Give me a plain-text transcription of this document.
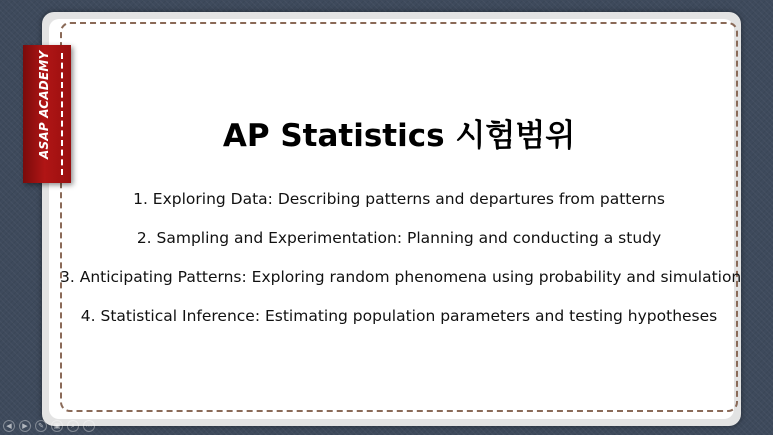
ASAP ACADEMY	AP Statistics 시험범위
1. Exploring Data: Describing patterns and departures from patterns
2. Sampling and Experimentation: Planning and conducting a study
3. Anticipating Patterns: Exploring random phenomena using probability and simulation
4. Statistical Inference: Estimating population parameters and testing hypotheses
◀ ▶ ✎ ▣ ⌕ ⋯
